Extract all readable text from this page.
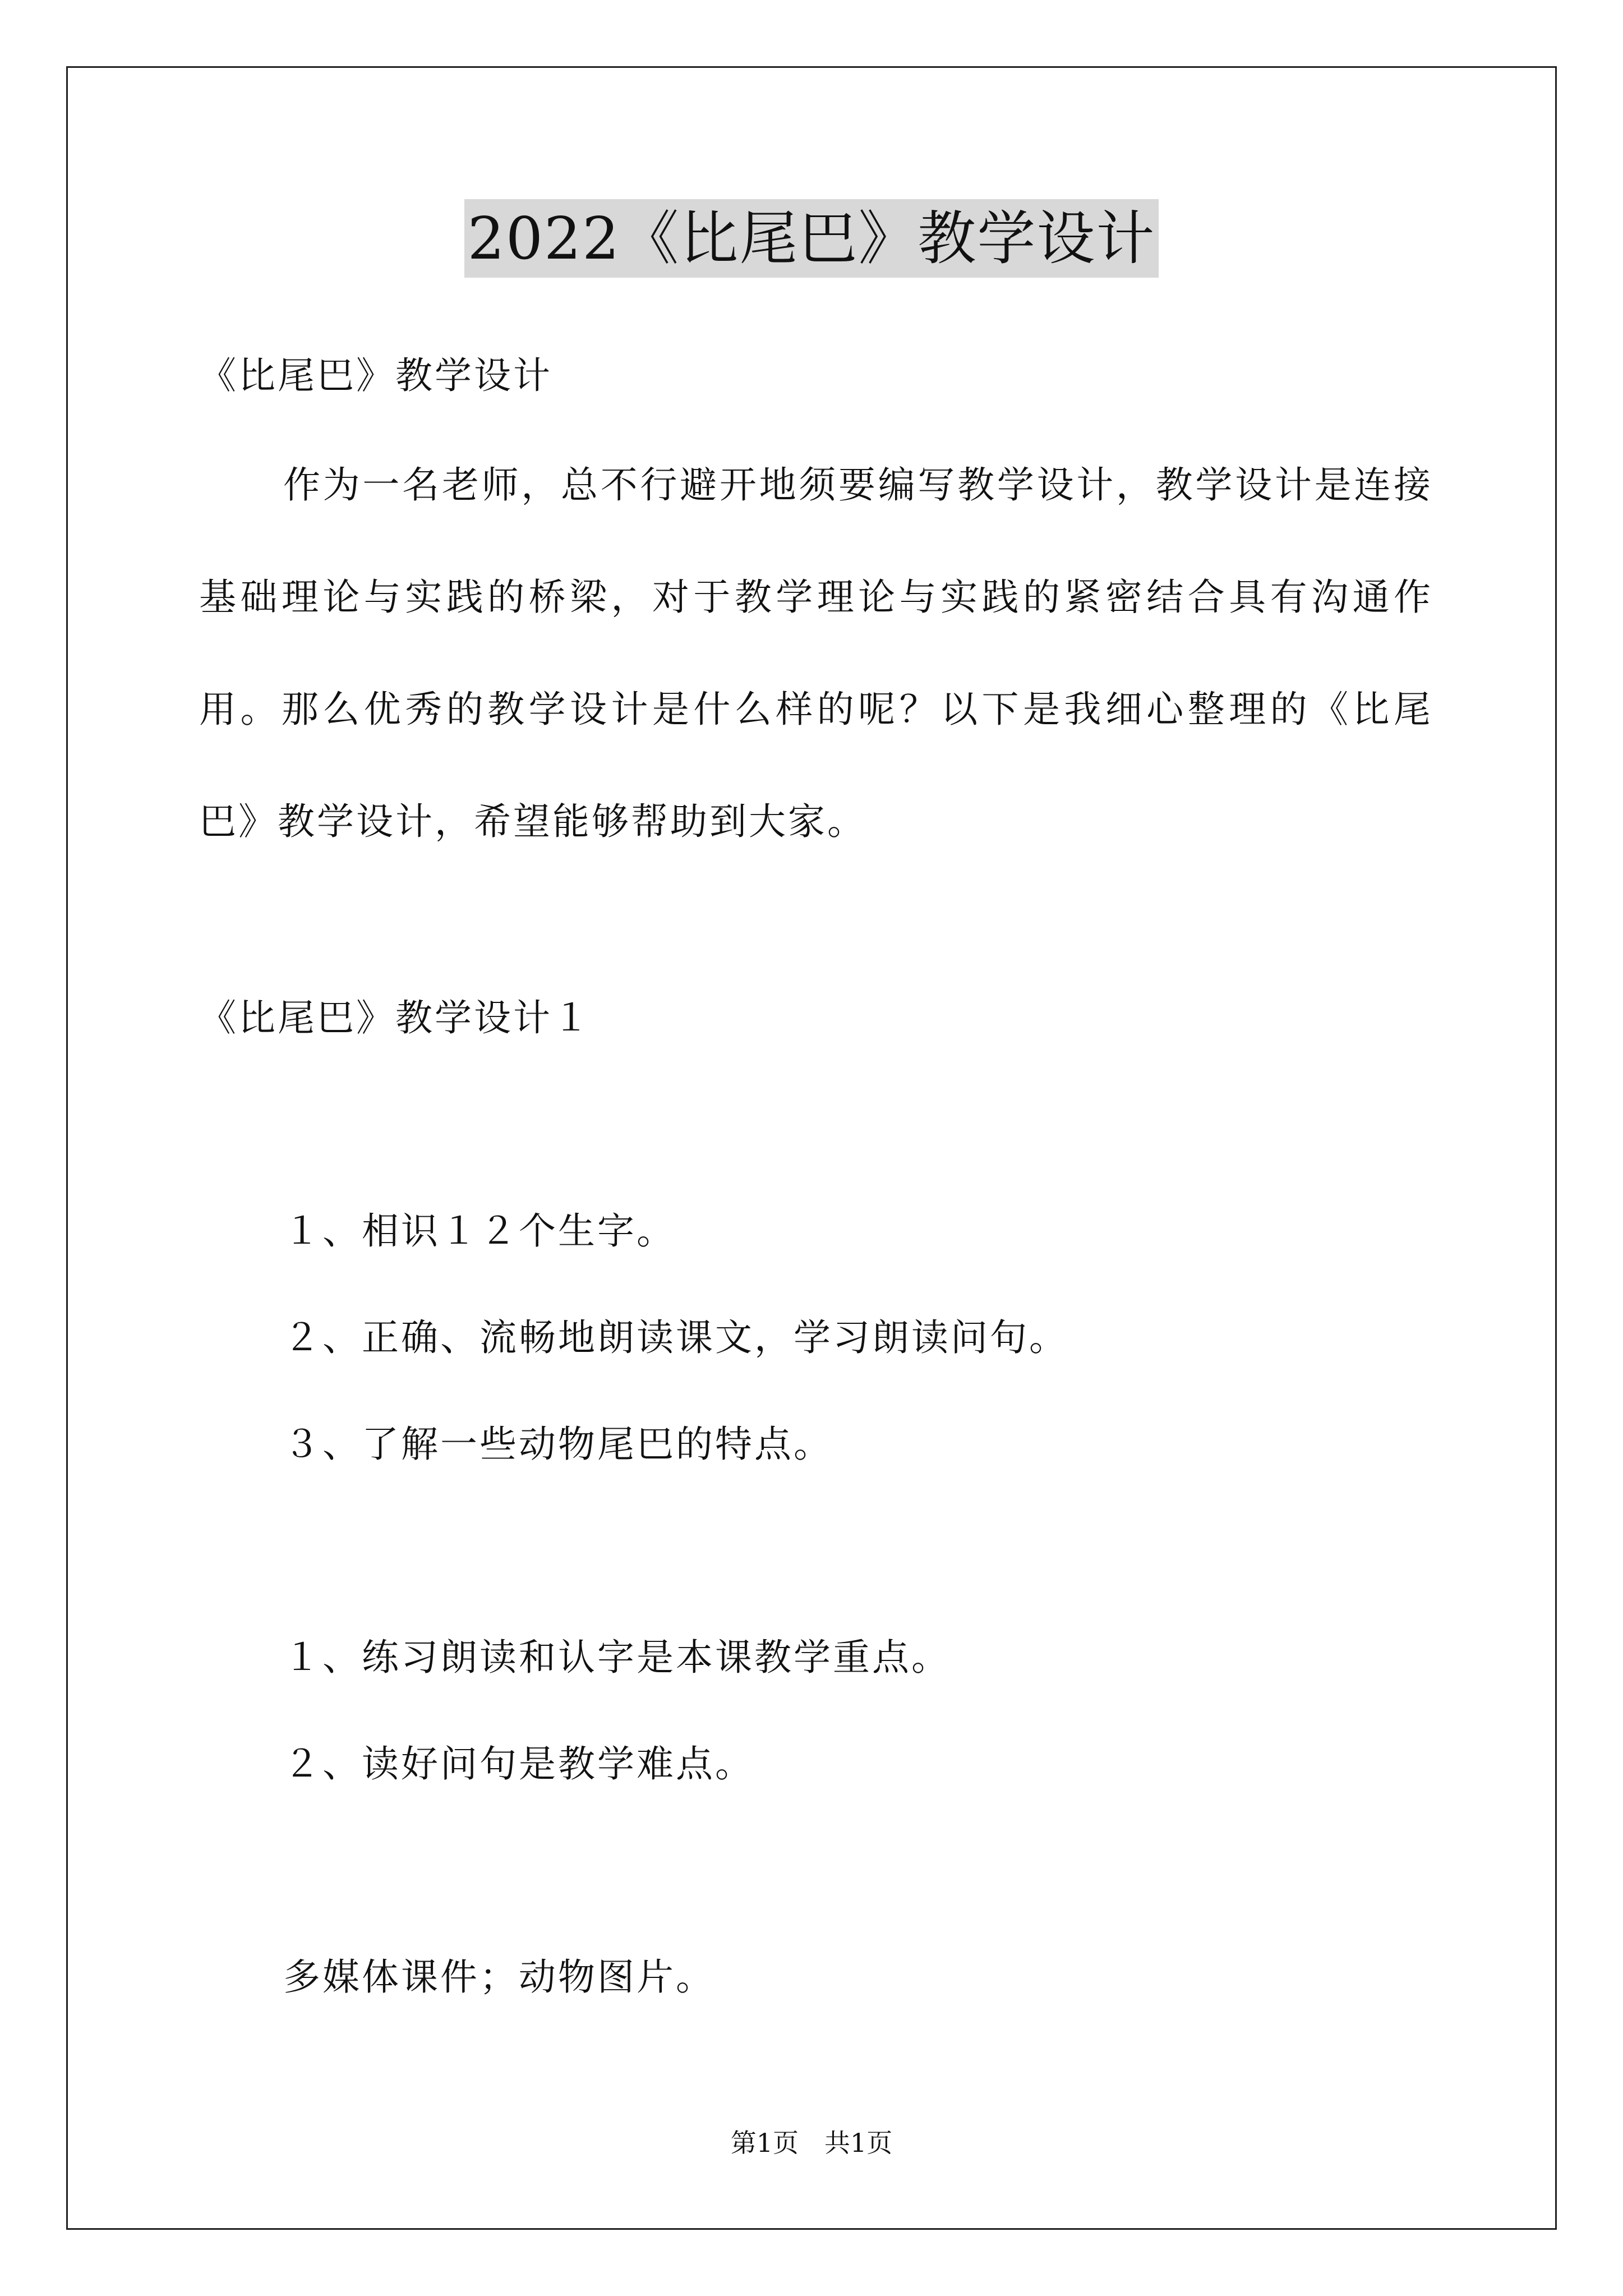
2022《比尾巴》教学设计
《比尾巴》教学设计
作为一名老师，总不行避开地须要编写教学设计，教学设计是连接基础理论与实践的桥梁，对于教学理论与实践的紧密结合具有沟通作用。那么优秀的教学设计是什么样的呢？以下是我细心整理的《比尾巴》教学设计，希望能够帮助到大家。
《比尾巴》教学设计１
１、相识１２个生字。
２、正确、流畅地朗读课文，学习朗读问句。
３、了解一些动物尾巴的特点。
１、练习朗读和认字是本课教学重点。
２、读好问句是教学难点。
多媒体课件；动物图片。
第1页　共1页
